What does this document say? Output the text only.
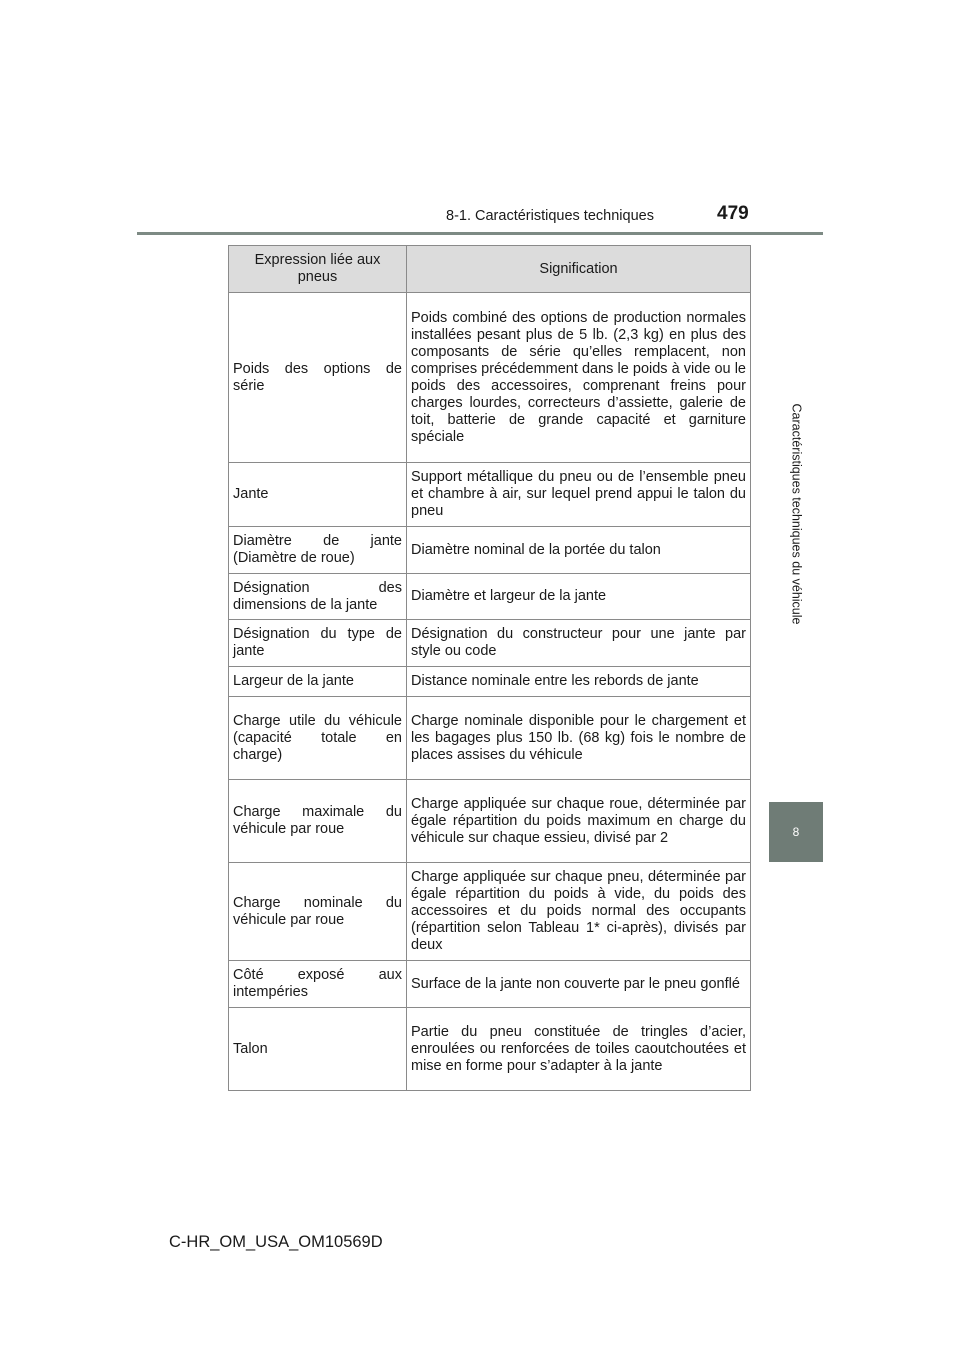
8-1. Caractéristiques techniques	479
Caractéristiques techniques du véhicule
8
Expression liée aux pneus	Signification
Poids des options de série	Poids combiné des options de production normales installées pesant plus de 5 lb. (2,3 kg) en plus des composants de série qu’elles remplacent, non comprises précédemment dans le poids à vide ou le poids des accessoires, comprenant freins pour charges lourdes, correcteurs d’assiette, galerie de toit, batterie de grande capacité et garniture spéciale
Jante	Support métallique du pneu ou de l’ensemble pneu et chambre à air, sur lequel prend appui le talon du pneu
Diamètre de jante (Diamètre de roue)	Diamètre nominal de la portée du talon
Désignation des dimensions de la jante	Diamètre et largeur de la jante
Désignation du type de jante	Désignation du constructeur pour une jante par style ou code
Largeur de la jante	Distance nominale entre les rebords de jante
Charge utile du véhicule (capacité totale en charge)	Charge nominale disponible pour le chargement et les bagages plus 150 lb. (68 kg) fois le nombre de places assises du véhicule
Charge maximale du véhicule par roue	Charge appliquée sur chaque roue, déterminée par égale répartition du poids maximum en charge du véhicule sur chaque essieu, divisé par 2
Charge nominale du véhicule par roue	Charge appliquée sur chaque pneu, déterminée par égale répartition du poids à vide, du poids des accessoires et du poids normal des occupants (répartition selon Tableau 1* ci-après), divisés par deux
Côté exposé aux intempéries	Surface de la jante non couverte par le pneu gonflé
Talon	Partie du pneu constituée de tringles d’acier, enroulées ou renforcées de toiles caoutchoutées et mise en forme pour s’adapter à la jante
C-HR_OM_USA_OM10569D
